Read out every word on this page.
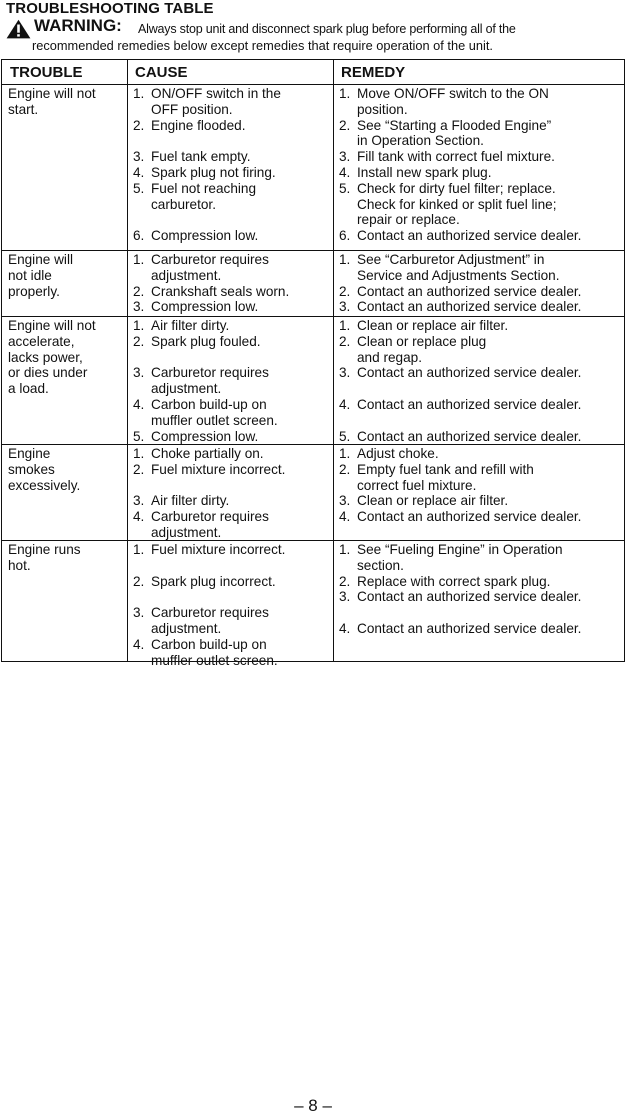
TROUBLESHOOTING TABLE
WARNING: Always stop unit and disconnect spark plug before performing all of the
recommended remedies below except remedies that require operation of the unit.
TROUBLE	CAUSE	REMEDY
Engine will not
start.
1. ON/OFF switch in the
OFF position.
2. Engine flooded.
3. Fuel tank empty.
4. Spark plug not firing.
5. Fuel not reaching
carburetor.
6. Compression low.
1. Move ON/OFF switch to the ON
position.
2. See “Starting a Flooded Engine”
in Operation Section.
3. Fill tank with correct fuel mixture.
4. Install new spark plug.
5. Check for dirty fuel filter; replace.
Check for kinked or split fuel line;
repair or replace.
6. Contact an authorized service dealer.
Engine will
not idle
properly.
1. Carburetor requires
adjustment.
2. Crankshaft seals worn.
3. Compression low.
1. See “Carburetor Adjustment” in
Service and Adjustments Section.
2. Contact an authorized service dealer.
3. Contact an authorized service dealer.
Engine will not
accelerate,
lacks power,
or dies under
a load.
1. Air filter dirty.
2. Spark plug fouled.
3. Carburetor requires
adjustment.
4. Carbon build-up on
muffler outlet screen.
5. Compression low.
1. Clean or replace air filter.
2. Clean or replace plug
and regap.
3. Contact an authorized service dealer.
4. Contact an authorized service dealer.
5. Contact an authorized service dealer.
Engine
smokes
excessively.
1. Choke partially on.
2. Fuel mixture incorrect.
3. Air filter dirty.
4. Carburetor requires
adjustment.
1. Adjust choke.
2. Empty fuel tank and refill with
correct fuel mixture.
3. Clean or replace air filter.
4. Contact an authorized service dealer.
Engine runs
hot.
1. Fuel mixture incorrect.
2. Spark plug incorrect.
3. Carburetor requires
adjustment.
4. Carbon build-up on
muffler outlet screen.
1. See “Fueling Engine” in Operation
section.
2. Replace with correct spark plug.
3. Contact an authorized service dealer.
4. Contact an authorized service dealer.
– 8 –
